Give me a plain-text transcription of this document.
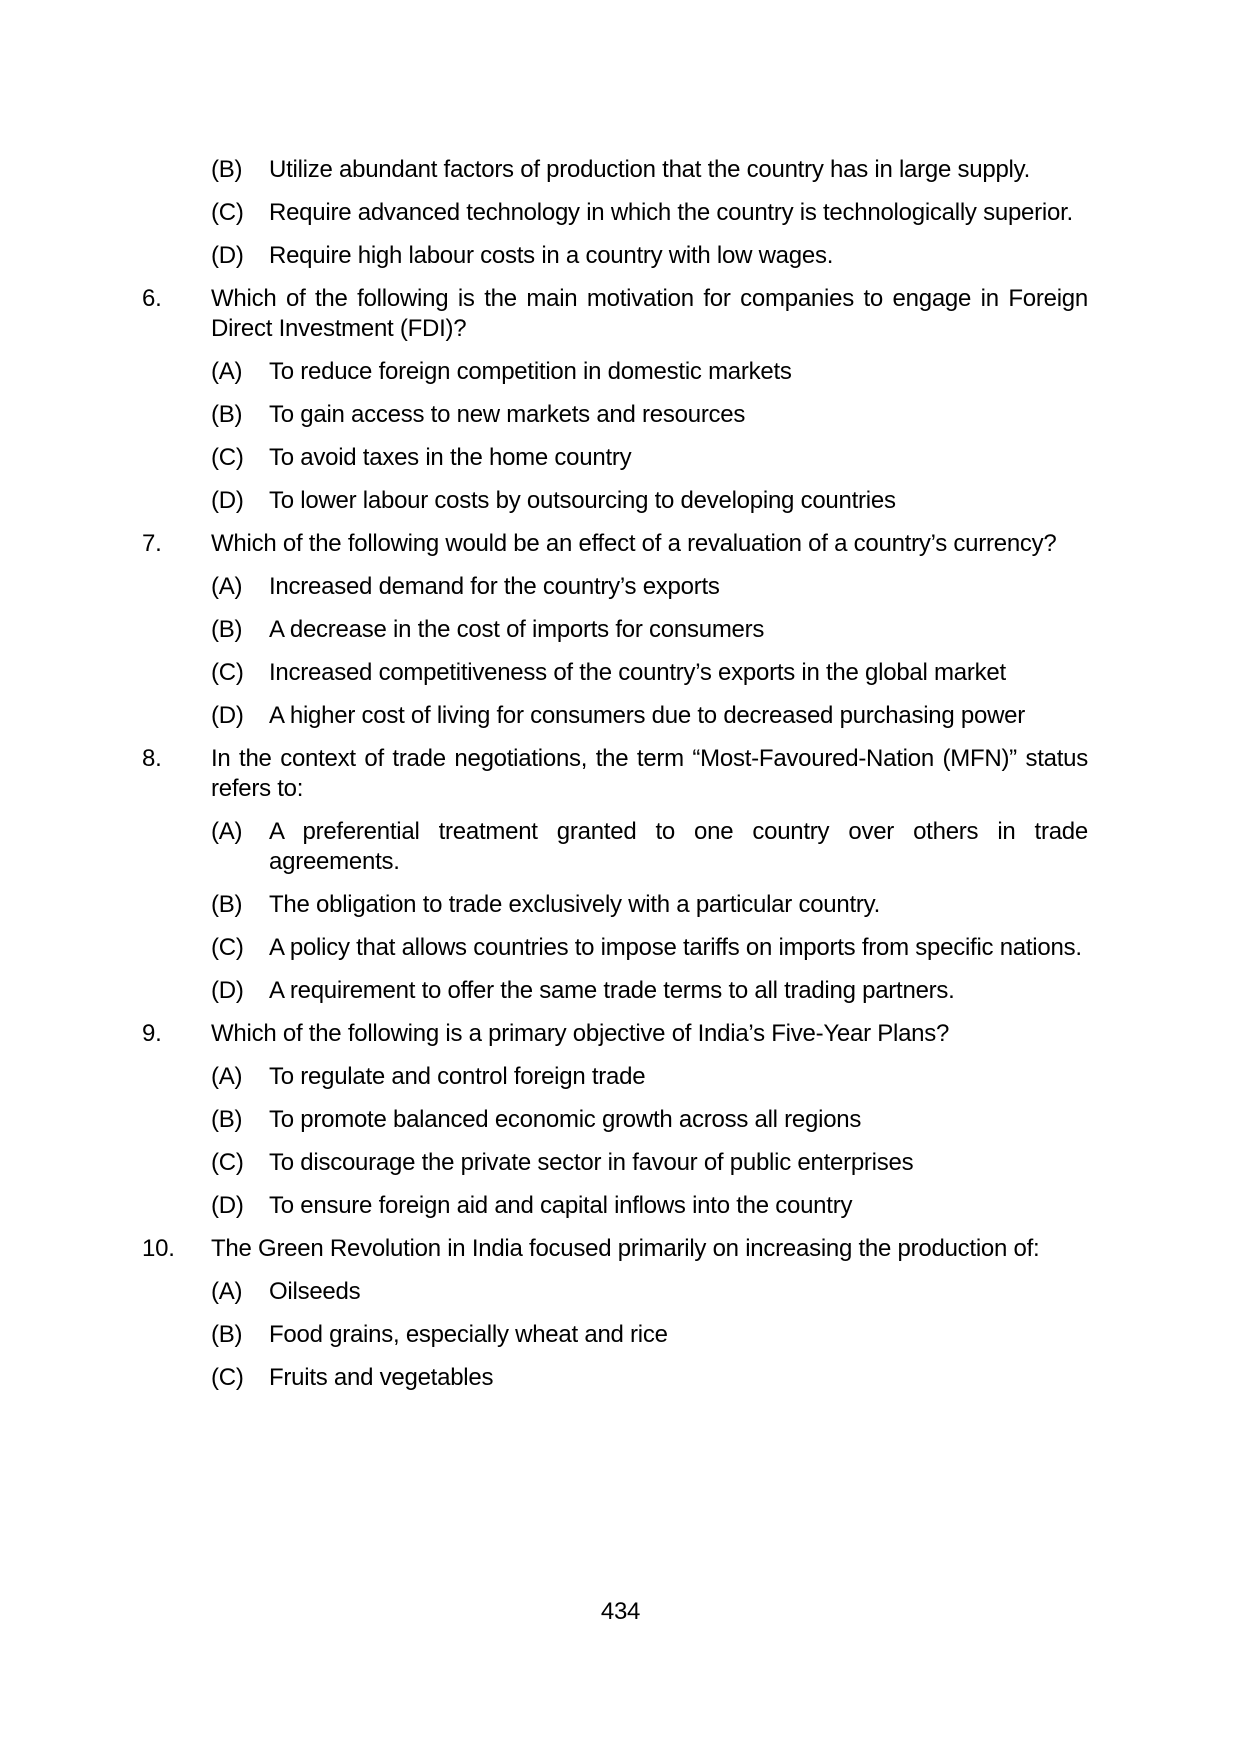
(B)	Utilize abundant factors of production that the country has in large supply.

(C)	Require advanced technology in which the country is technologically superior.

(D)	Require high labour costs in a country with low wages.

6.	Which of the following is the main motivation for companies to engage in Foreign Direct Investment (FDI)?

(A)	To reduce foreign competition in domestic markets

(B)	To gain access to new markets and resources

(C)	To avoid taxes in the home country

(D)	To lower labour costs by outsourcing to developing countries

7.	Which of the following would be an effect of a revaluation of a country’s currency?

(A)	Increased demand for the country’s exports

(B)	A decrease in the cost of imports for consumers

(C)	Increased competitiveness of the country’s exports in the global market

(D)	A higher cost of living for consumers due to decreased purchasing power

8.	In the context of trade negotiations, the term “Most-Favoured-Nation (MFN)” status refers to:

(A)	A preferential treatment granted to one country over others in trade agreements.

(B)	The obligation to trade exclusively with a particular country.

(C)	A policy that allows countries to impose tariffs on imports from specific nations.

(D)	A requirement to offer the same trade terms to all trading partners.

9.	Which of the following is a primary objective of India’s Five-Year Plans?

(A)	To regulate and control foreign trade

(B)	To promote balanced economic growth across all regions

(C)	To discourage the private sector in favour of public enterprises

(D)	To ensure foreign aid and capital inflows into the country

10.	The Green Revolution in India focused primarily on increasing the production of:

(A)	Oilseeds

(B)	Food grains, especially wheat and rice

(C)	Fruits and vegetables

434
